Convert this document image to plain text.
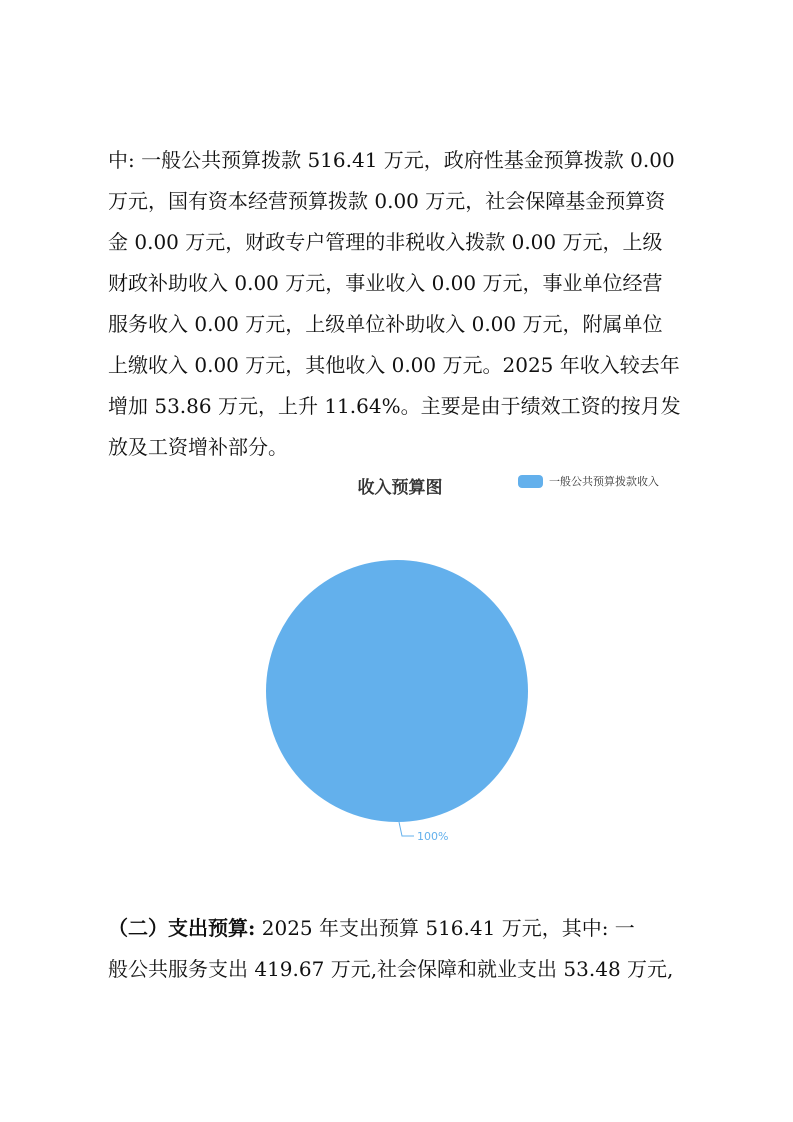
中: 一般公共预算拨款 516.41 万元，政府性基金预算拨款 0.00
万元，国有资本经营预算拨款 0.00 万元，社会保障基金预算资
金 0.00 万元，财政专户管理的非税收入拨款 0.00 万元，上级
财政补助收入 0.00 万元，事业收入 0.00 万元，事业单位经营
服务收入 0.00 万元，上级单位补助收入 0.00 万元，附属单位
上缴收入 0.00 万元，其他收入 0.00 万元。2025 年收入较去年
增加 53.86 万元，上升 11.64%。主要是由于绩效工资的按月发
放及工资增补部分。
收入预算图	一般公共预算拨款收入
100%
（二）支出预算: 2025 年支出预算 516.41 万元，其中: 一
般公共服务支出 419.67 万元,社会保障和就业支出 53.48 万元,
